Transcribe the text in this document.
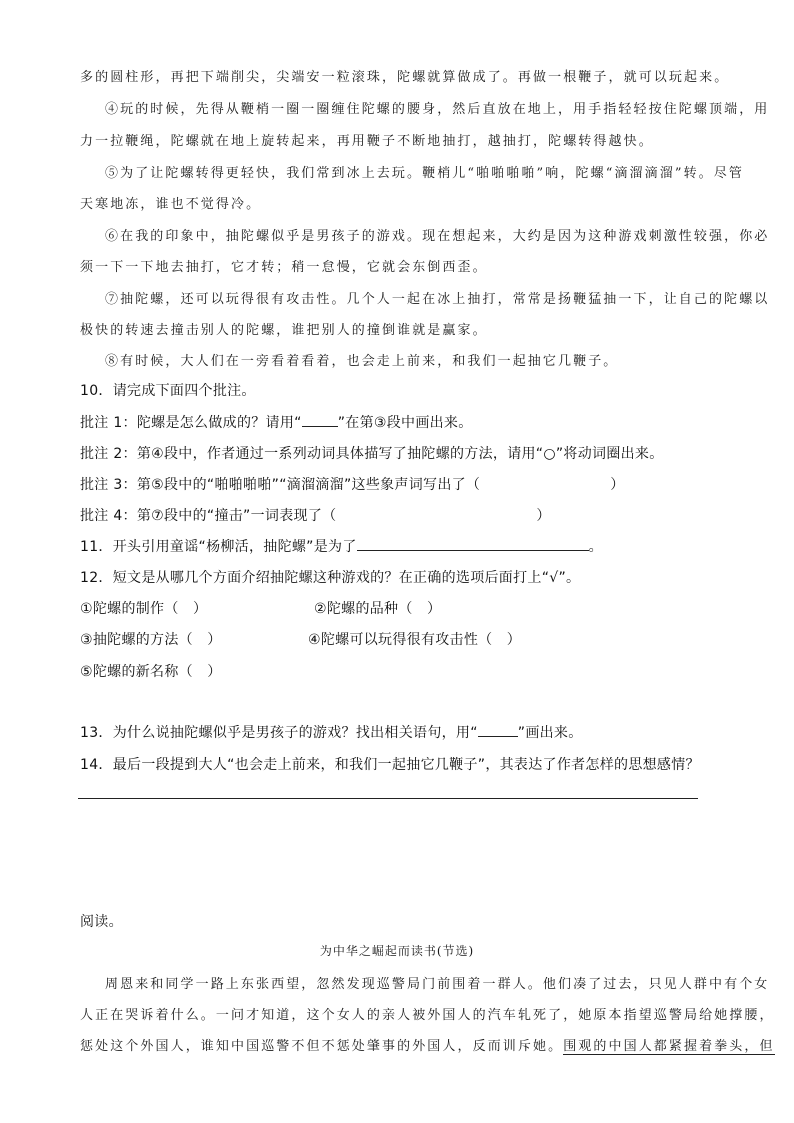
多的圆柱形，再把下端削尖，尖端安一粒滚珠，陀螺就算做成了。再做一根鞭子，就可以玩起来。
④玩的时候，先得从鞭梢一圈一圈缠住陀螺的腰身，然后直放在地上，用手指轻轻按住陀螺顶端，用
力一拉鞭绳，陀螺就在地上旋转起来，再用鞭子不断地抽打，越抽打，陀螺转得越快。
⑤为了让陀螺转得更轻快，我们常到冰上去玩。鞭梢儿“啪啪啪啪”响，陀螺“滴溜滴溜”转。尽管
天寒地冻，谁也不觉得冷。
⑥在我的印象中，抽陀螺似乎是男孩子的游戏。现在想起来，大约是因为这种游戏刺激性较强，你必
须一下一下地去抽打，它才转；稍一怠慢，它就会东倒西歪。
⑦抽陀螺，还可以玩得很有攻击性。几个人一起在冰上抽打，常常是扬鞭猛抽一下，让自己的陀螺以
极快的转速去撞击别人的陀螺，谁把别人的撞倒谁就是赢家。
⑧有时候，大人们在一旁看着看着，也会走上前来，和我们一起抽它几鞭子。
10．请完成下面四个批注。
批注 1：陀螺是怎么做成的？请用“	”在第③段中画出来。
批注 2：第④段中，作者通过一系列动词具体描写了抽陀螺的方法，请用“○”将动词圈出来。
批注 3：第⑤段中的“啪啪啪啪”“滴溜滴溜”这些象声词写出了（	）
批注 4：第⑦段中的“撞击”一词表现了（	）
11．开头引用童谣“杨柳活，抽陀螺”是为了	。
12．短文是从哪几个方面介绍抽陀螺这种游戏的？在正确的选项后面打上“√”。
①陀螺的制作（　）	②陀螺的品种（　）
③抽陀螺的方法（　）	④陀螺可以玩得很有攻击性（　）
⑤陀螺的新名称（　）
13．为什么说抽陀螺似乎是男孩子的游戏？找出相关语句，用“	”画出来。
14．最后一段提到大人“也会走上前来，和我们一起抽它几鞭子”，其表达了作者怎样的思想感情？
阅读。
为中华之崛起而读书(节选)
周恩来和同学一路上东张西望，忽然发现巡警局门前围着一群人。他们凑了过去，只见人群中有个女
人正在哭诉着什么。一问才知道，这个女人的亲人被外国人的汽车轧死了，她原本指望巡警局给她撑腰，
惩处这个外国人，谁知中国巡警不但不惩处肇事的外国人，反而训斥她。围观的中国人都紧握着拳头，但
